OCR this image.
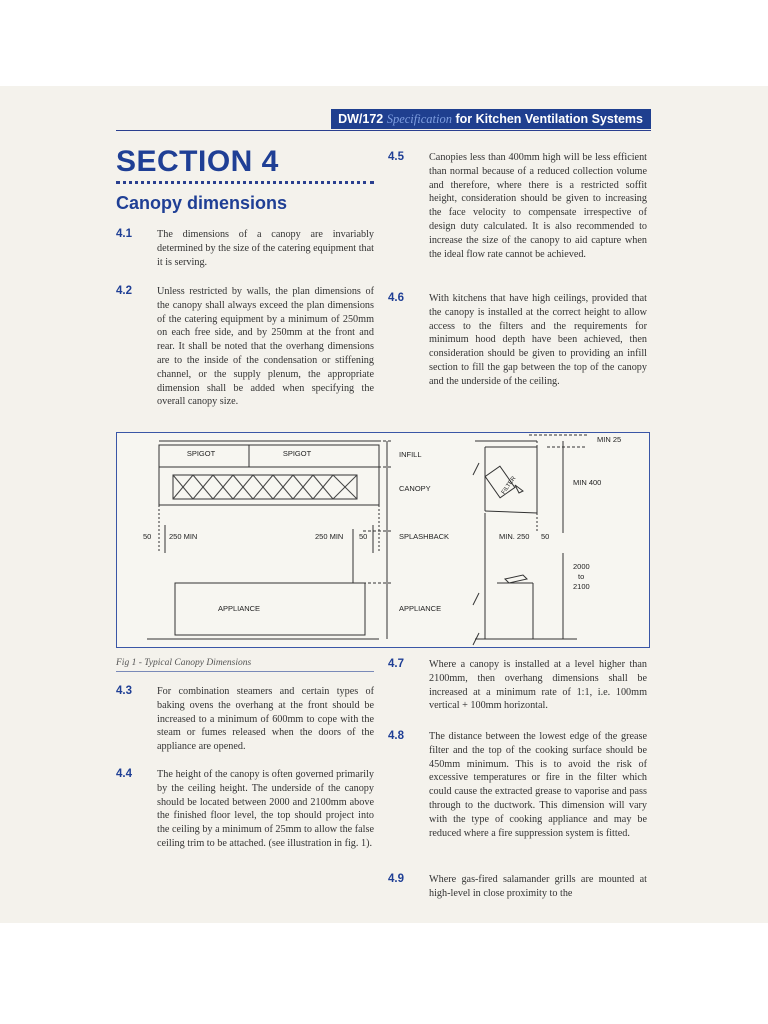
DW/172 Specification for Kitchen Ventilation Systems
SECTION 4
Canopy dimensions
4.1 The dimensions of a canopy are invariably determined by the size of the catering equipment that it is serving.

4.2 Unless restricted by walls, the plan dimensions of the canopy shall always exceed the plan dimensions of the catering equipment by a minimum of 250mm on each free side, and by 250mm at the front and rear. It shall be noted that the overhang dimensions are to the inside of the condensation or stiffening channel, or the supply plenum, the appropriate dimension shall be added when specifying the overall canopy size.

4.5 Canopies less than 400mm high will be less efficient than normal because of a reduced collection volume and therefore, where there is a restricted soffit height, consideration should be given to increasing the face velocity to compensate irrespective of design duty calculated. It is also recommended to increase the size of the canopy to aid capture when the ideal flow rate cannot be achieved.

4.6 With kitchens that have high ceilings, provided that the canopy is installed at the correct height to allow access to the filters and the requirements for minimum hood depth have been achieved, then consideration should be given to providing an infill section to fill the gap between the top of the canopy and the underside of the ceiling.

SPIGOT	SPIGOT	INFILL
CANOPY
SPLASHBACK
APPLIANCE
APPLIANCE
50 250 MIN	250 MIN 50
MIN 25
MIN 400
MIN. 250 50
2000
to
2100
FILTER
Fig 1 - Typical Canopy Dimensions
4.3 For combination steamers and certain types of baking ovens the overhang at the front should be increased to a minimum of 600mm to cope with the steam or fumes released when the doors of the appliance are opened.

4.4 The height of the canopy is often governed primarily by the ceiling height. The underside of the canopy should be located between 2000 and 2100mm above the finished floor level, the top should project into the ceiling by a minimum of 25mm to allow the false ceiling trim to be attached. (see illustration in fig. 1).

4.7 Where a canopy is installed at a level higher than 2100mm, then overhang dimensions shall be increased at a minimum rate of 1:1, i.e. 100mm vertical + 100mm horizontal.

4.8 The distance between the lowest edge of the grease filter and the top of the cooking surface should be 450mm minimum. This is to avoid the risk of excessive temperatures or fire in the filter which could cause the extracted grease to vaporise and pass through to the ductwork. This dimension will vary with the type of cooking appliance and may be reduced where a fire suppression system is fitted.

4.9 Where gas-fired salamander grills are mounted at high-level in close proximity to the
